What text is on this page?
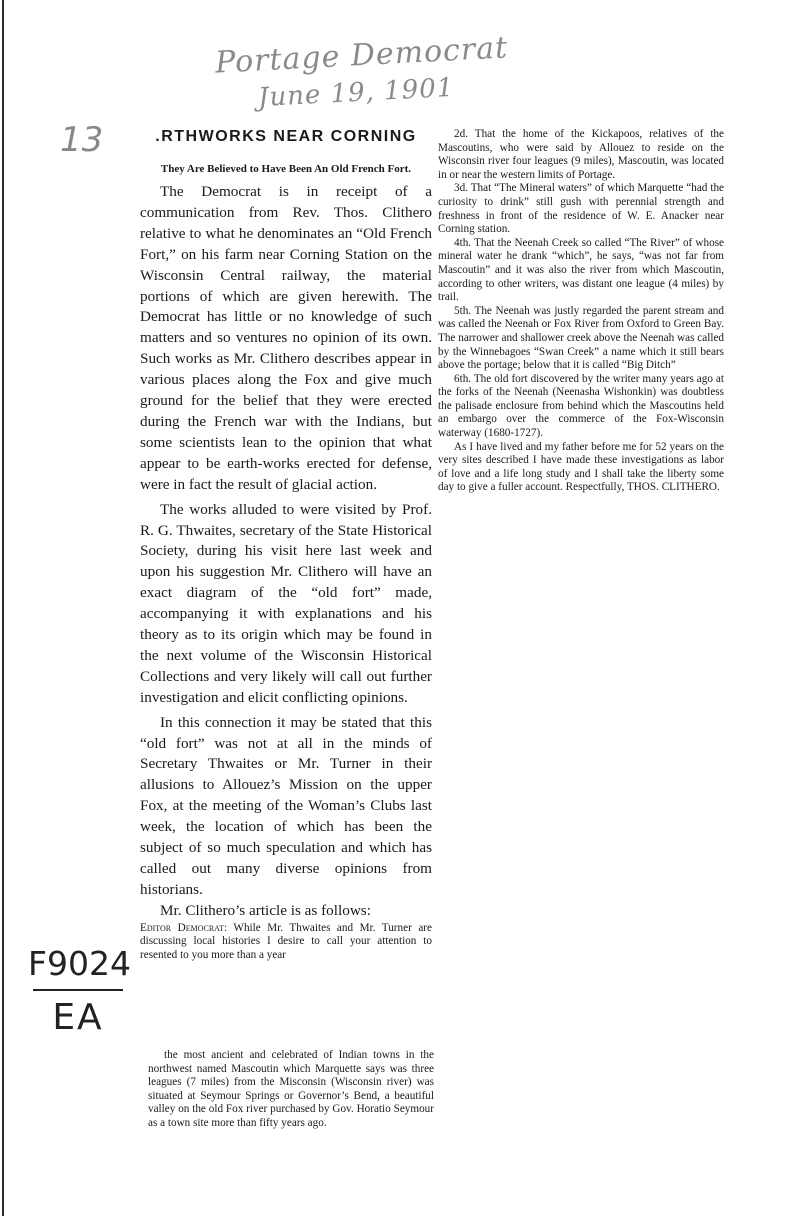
Portage Democrat
June 19, 1901
13
F9024
EA
.RTHWORKS NEAR CORNING
They Are Believed to Have Been An Old French Fort.

The Democrat is in receipt of a communication from Rev. Thos. Clithero relative to what he denominates an “Old French Fort,” on his farm near Corning Station on the Wisconsin Central railway, the material portions of which are given herewith. The Democrat has little or no knowledge of such matters and so ventures no opinion of its own. Such works as Mr. Clithero describes appear in various places along the Fox and give much ground for the belief that they were erected during the French war with the Indians, but some scientists lean to the opinion that what appear to be earth-works erected for defense, were in fact the result of glacial action.

The works alluded to were visited by Prof. R. G. Thwaites, secretary of the State Historical Society, during his visit here last week and upon his suggestion Mr. Clithero will have an exact diagram of the “old fort” made, accompanying it with explanations and his theory as to its origin which may be found in the next volume of the Wisconsin Historical Collections and very likely will call out further investigation and elicit conflicting opinions.

In this connection it may be stated that this “old fort” was not at all in the minds of Secretary Thwaites or Mr. Turner in their allusions to Allouez’s Mission on the upper Fox, at the meeting of the Woman’s Clubs last week, the location of which has been the subject of so much speculation and which has called out many diverse opinions from historians.

Mr. Clithero’s article is as follows:

Editor Democrat: While Mr. Thwaites and Mr. Turner are discussing local histories I desire to call your attention to resented to you more than a year

the most ancient and celebrated of Indian towns in the northwest named Mascoutin which Marquette says was three leagues (7 miles) from the Misconsin (Wisconsin river) was situated at Seymour Springs or Governor’s Bend, a beautiful valley on the old Fox river purchased by Gov. Horatio Seymour as a town site more than fifty years ago.

2d. That the home of the Kickapoos, relatives of the Mascoutins, who were said by Allouez to reside on the Wisconsin river four leagues (9 miles), Mascoutin, was located in or near the western limits of Portage.

3d. That “The Mineral waters” of which Marquette “had the curiosity to drink” still gush with perennial strength and freshness in front of the residence of W. E. Anacker near Corning station.

4th. That the Neenah Creek so called “The River” of whose mineral water he drank “which”, he says, “was not far from Mascoutin” and it was also the river from which Mascoutin, according to other writers, was distant one league (4 miles) by trail.

5th. The Neenah was justly regarded the parent stream and was called the Neenah or Fox River from Oxford to Green Bay. The narrower and shallower creek above the Neenah was called by the Winnebagoes “Swan Creek” a name which it still bears above the portage; below that it is called “Big Ditch”

6th. The old fort discovered by the writer many years ago at the forks of the Neenah (Neenasha Wishonkin) was doubtless the palisade enclosure from behind which the Mascoutins held an embargo over the commerce of the Fox-Wisconsin waterway (1680-1727).

As I have lived and my father before me for 52 years on the very sites described I have made these investigations as labor of love and a life long study and I shall take the liberty some day to give a fuller account. Respectfully, THOS. CLITHERO.
